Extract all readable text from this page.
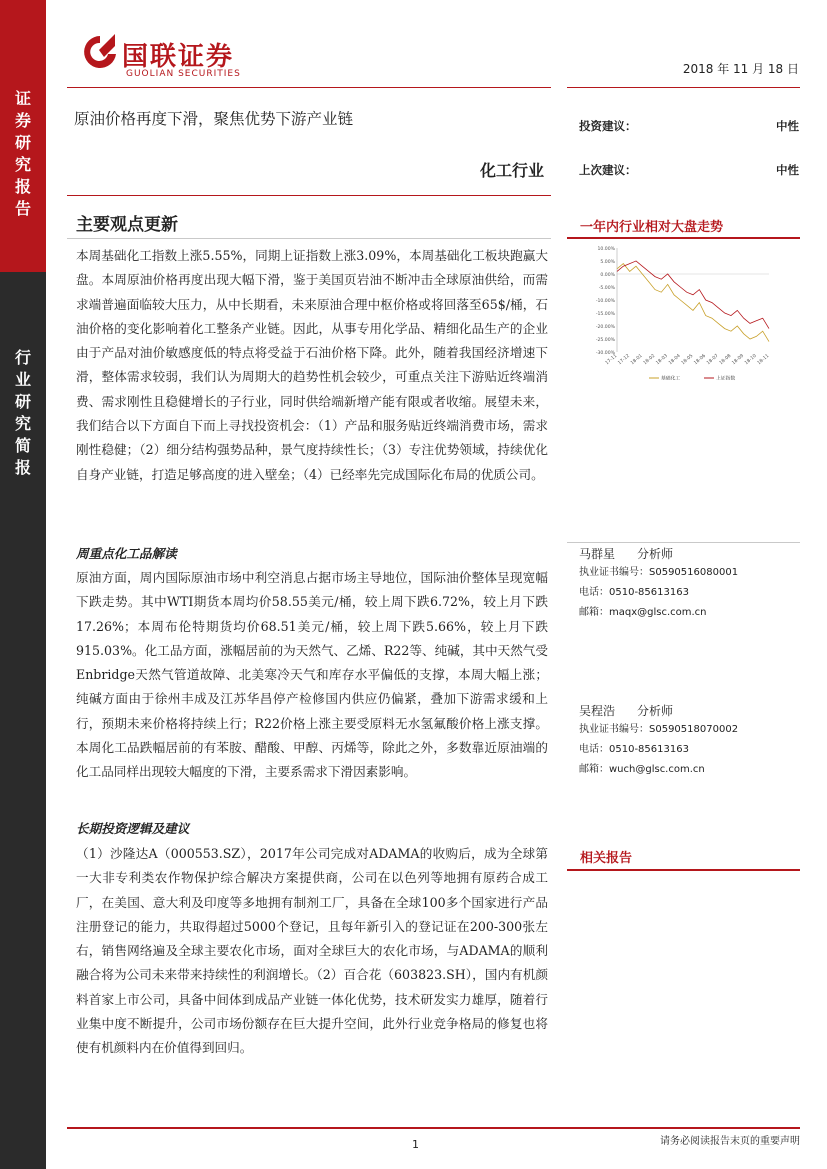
证
券
研
究
报
告
行
业
研
究
简
报
国联证券
GUOLIAN SECURITIES	2018 年 11 月 18 日
原油价格再度下滑，聚焦优势下游产业链
化工行业
投资建议：	中性
上次建议：	中性
主要观点更新
本周基础化工指数上涨5.55%，同期上证指数上涨3.09%，本周基础化工板块跑赢大盘。本周原油价格再度出现大幅下滑，鉴于美国页岩油不断冲击全球原油供给，而需求端普遍面临较大压力，从中长期看，未来原油合理中枢价格或将回落至65$/桶，石油价格的变化影响着化工整条产业链。因此，从事专用化学品、精细化品生产的企业由于产品对油价敏感度低的特点将受益于石油价格下降。此外，随着我国经济增速下滑，整体需求较弱，我们认为周期大的趋势性机会较少，可重点关注下游贴近终端消费、需求刚性且稳健增长的子行业，同时供给端新增产能有限或者收缩。展望未来，我们结合以下方面自下而上寻找投资机会：（1）产品和服务贴近终端消费市场，需求刚性稳健；（2）细分结构强势品种，景气度持续性长；（3）专注优势领域，持续优化自身产业链，打造足够高度的进入壁垒；（4）已经率先完成国际化布局的优质公司。
周重点化工品解读
原油方面，周内国际原油市场中利空消息占据市场主导地位，国际油价整体呈现宽幅下跌走势。其中WTI期货本周均价58.55美元/桶，较上周下跌6.72%，较上月下跌17.26%；本周布伦特期货均价68.51美元/桶，较上周下跌5.66%，较上月下跌915.03%。化工品方面，涨幅居前的为天然气、乙烯、R22等、纯碱，其中天然气受Enbridge天然气管道故障、北美寒冷天气和库存水平偏低的支撑，本周大幅上涨；纯碱方面由于徐州丰成及江苏华昌停产检修国内供应仍偏紧，叠加下游需求缓和上行，预期未来价格将持续上行；R22价格上涨主要受原料无水氢氟酸价格上涨支撑。本周化工品跌幅居前的有苯胺、醋酸、甲醇、丙烯等，除此之外，多数靠近原油端的化工品同样出现较大幅度的下滑，主要系需求下滑因素影响。
长期投资逻辑及建议
（1）沙隆达A（000553.SZ），2017年公司完成对ADAMA的收购后，成为全球第一大非专利类农作物保护综合解决方案提供商，公司在以色列等地拥有原药合成工厂，在美国、意大利及印度等多地拥有制剂工厂，具备在全球100多个国家进行产品注册登记的能力，共取得超过5000个登记，且每年新引入的登记证在200-300张左右，销售网络遍及全球主要农化市场，面对全球巨大的农化市场，与ADAMA的顺利融合将为公司未来带来持续性的利润增长。（2）百合花（603823.SH），国内有机颜料首家上市公司，具备中间体到成品产业链一体化优势，技术研发实力雄厚，随着行业集中度不断提升，公司市场份额存在巨大提升空间，此外行业竞争格局的修复也将使有机颜料内在价值得到回归。
一年内行业相对大盘走势
10.00%
5.00%
0.00%
-5.00%
-10.00%
-15.00%
-20.00%
-25.00%
-30.00%
17-11 17-12 18-01 18-02 18-03 18-04 18-05 18-06 18-07 18-08 18-09 18-10 18-11
基础化工	上证指数
马群星 分析师
执业证书编号：S0590516080001
电话：0510-85613163
邮箱：maqx@glsc.com.cn
吴程浩 分析师
执业证书编号：S0590518070002
电话：0510-85613163
邮箱：wuch@glsc.com.cn
相关报告
1	请务必阅读报告末页的重要声明
